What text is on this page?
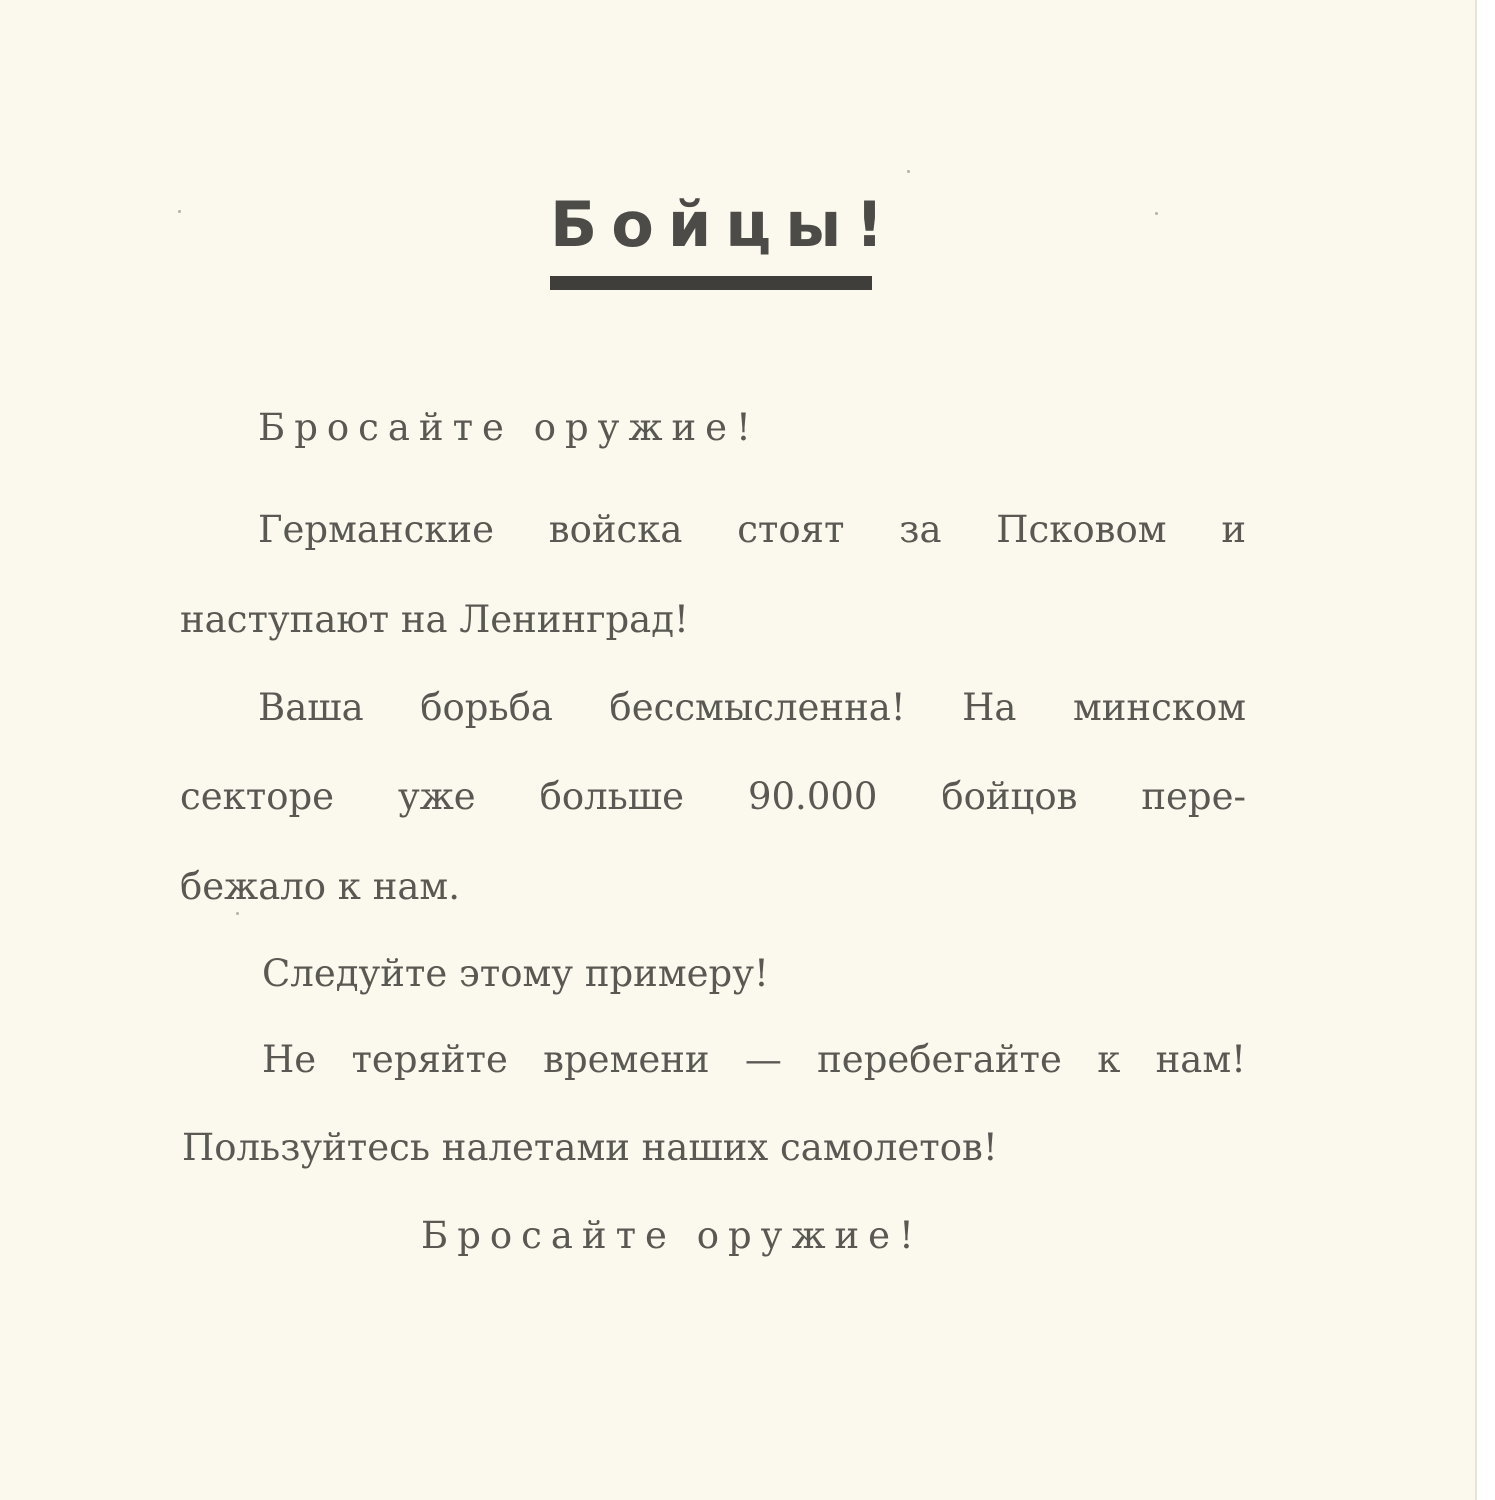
Бойцы!
Бросайте оружие!
Германские войска стоят за Псковом и
наступают на Ленинград!
Ваша борьба бессмысленна! На минском
секторе уже больше 90.000 бойцов пере-
бежало к нам.
Следуйте этому примеру!
Не теряйте времени — перебегайте к нам!
Пользуйтесь налетами наших самолетов!
Бросайте оружие!
